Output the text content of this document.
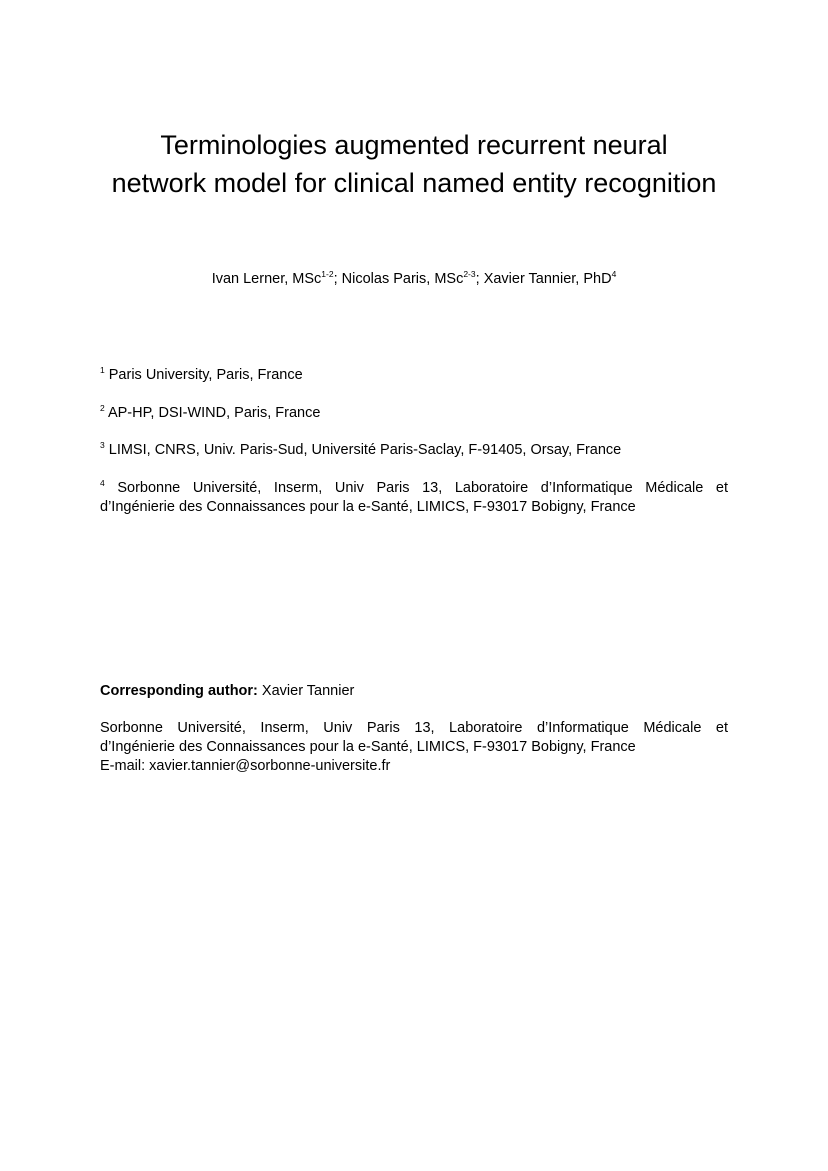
Terminologies augmented recurrent neural
network model for clinical named entity recognition
Ivan Lerner, MSc$^{1-2}$; Nicolas Paris, MSc$^{2-3}$; Xavier Tannier, PhD$^4$

$^1$ Paris University, Paris, France

$^2$ AP-HP, DSI-WIND, Paris, France

$^3$ LIMSI, CNRS, Univ. Paris-Sud, Université Paris-Saclay, F-91405, Orsay, France

$^4$ Sorbonne Université, Inserm, Univ Paris 13, Laboratoire d’Informatique Médicale et
d’Ingénierie des Connaissances pour la e-Santé, LIMICS, F-93017 Bobigny, France
Corresponding author: Xavier Tannier
Sorbonne Université, Inserm, Univ Paris 13, Laboratoire d’Informatique Médicale et
d’Ingénierie des Connaissances pour la e-Santé, LIMICS, F-93017 Bobigny, France
E-mail: xavier.tannier@sorbonne-universite.fr
